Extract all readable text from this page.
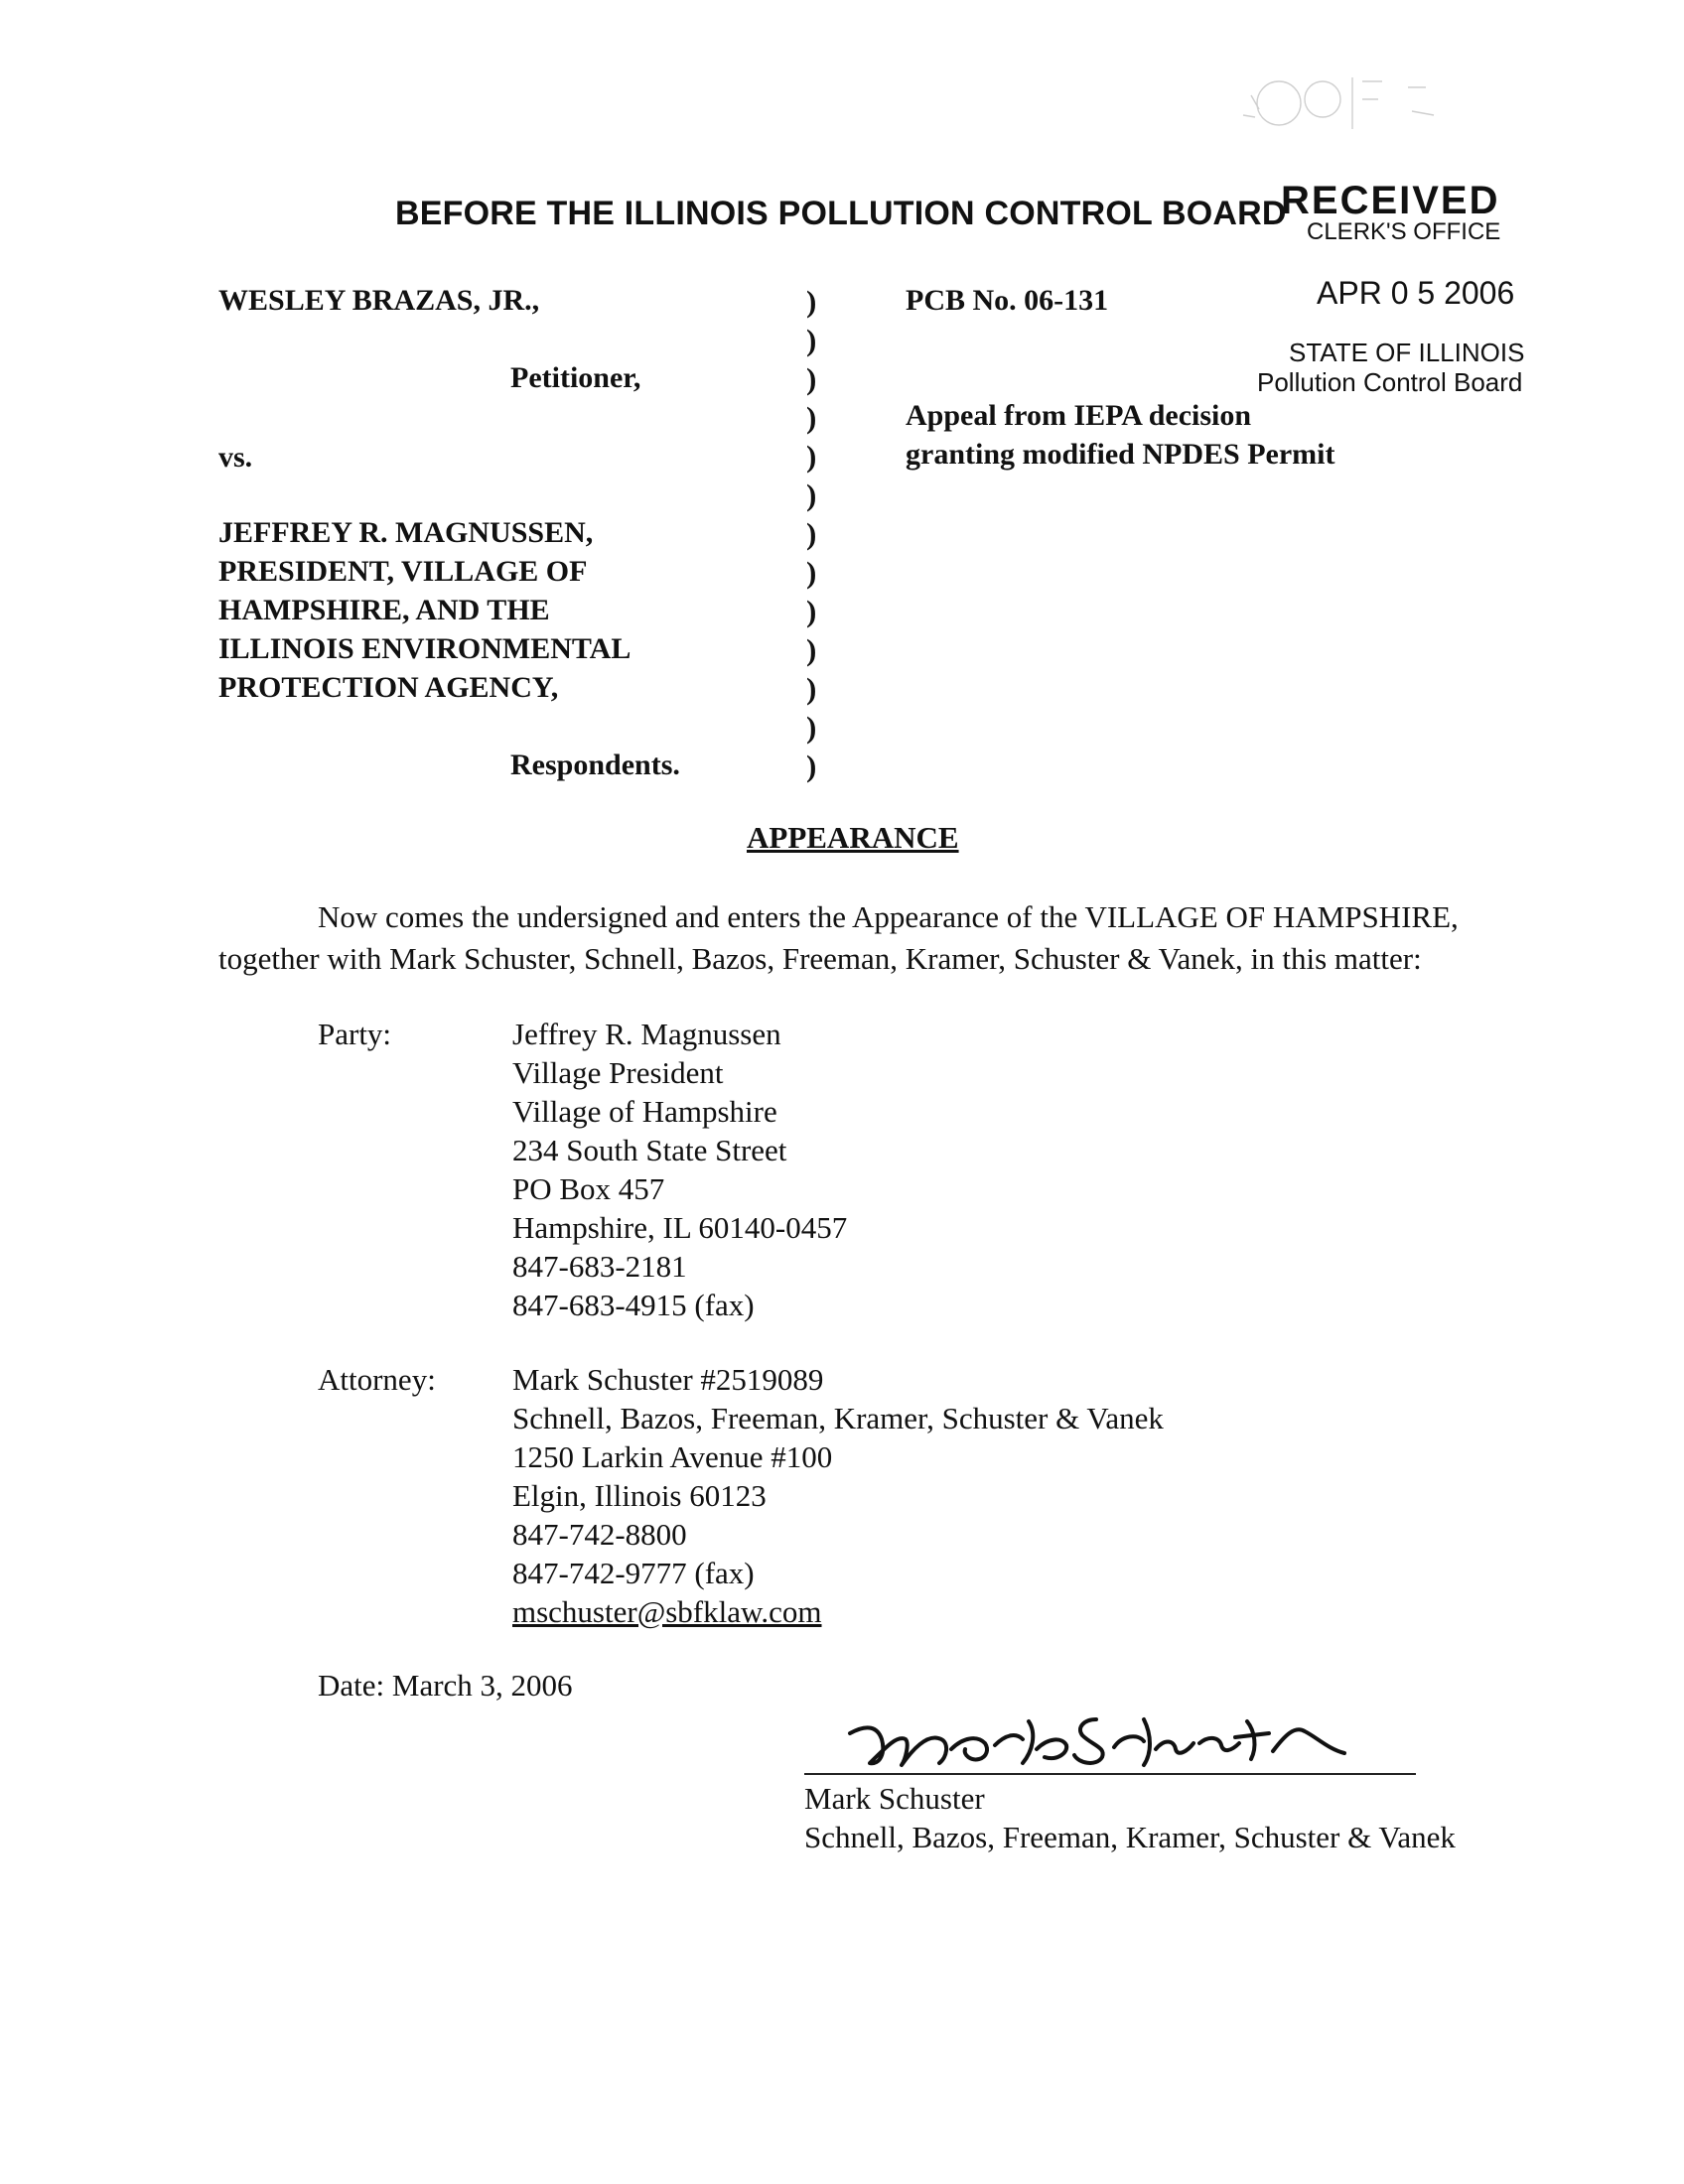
BEFORE THE ILLINOIS POLLUTION CONTROL BOARD
RECEIVED
CLERK'S OFFICE
APR 0 5 2006
STATE OF ILLINOIS
Pollution Control Board
WESLEY BRAZAS, JR.,
Petitioner,
vs.
JEFFREY R. MAGNUSSEN,
PRESIDENT, VILLAGE OF
HAMPSHIRE, AND THE
ILLINOIS ENVIRONMENTAL
PROTECTION AGENCY,
Respondents.
)
)
)
)
)
)
)
)
)
)
)
)
)
PCB No. 06-131
Appeal from IEPA decision
granting modified NPDES Permit
APPEARANCE
Now comes the undersigned and enters the Appearance of the VILLAGE OF HAMPSHIRE,
together with Mark Schuster, Schnell, Bazos, Freeman, Kramer, Schuster & Vanek, in this matter:
Party:	Jeffrey R. Magnussen
Village President
Village of Hampshire
234 South State Street
PO Box 457
Hampshire, IL 60140-0457
847-683-2181
847-683-4915 (fax)
Attorney: Mark Schuster #2519089
Schnell, Bazos, Freeman, Kramer, Schuster & Vanek
1250 Larkin Avenue #100
Elgin, Illinois 60123
847-742-8800
847-742-9777 (fax)
mschuster@sbfklaw.com
Date: March 3, 2006
Mark Schuster
Schnell, Bazos, Freeman, Kramer, Schuster & Vanek
